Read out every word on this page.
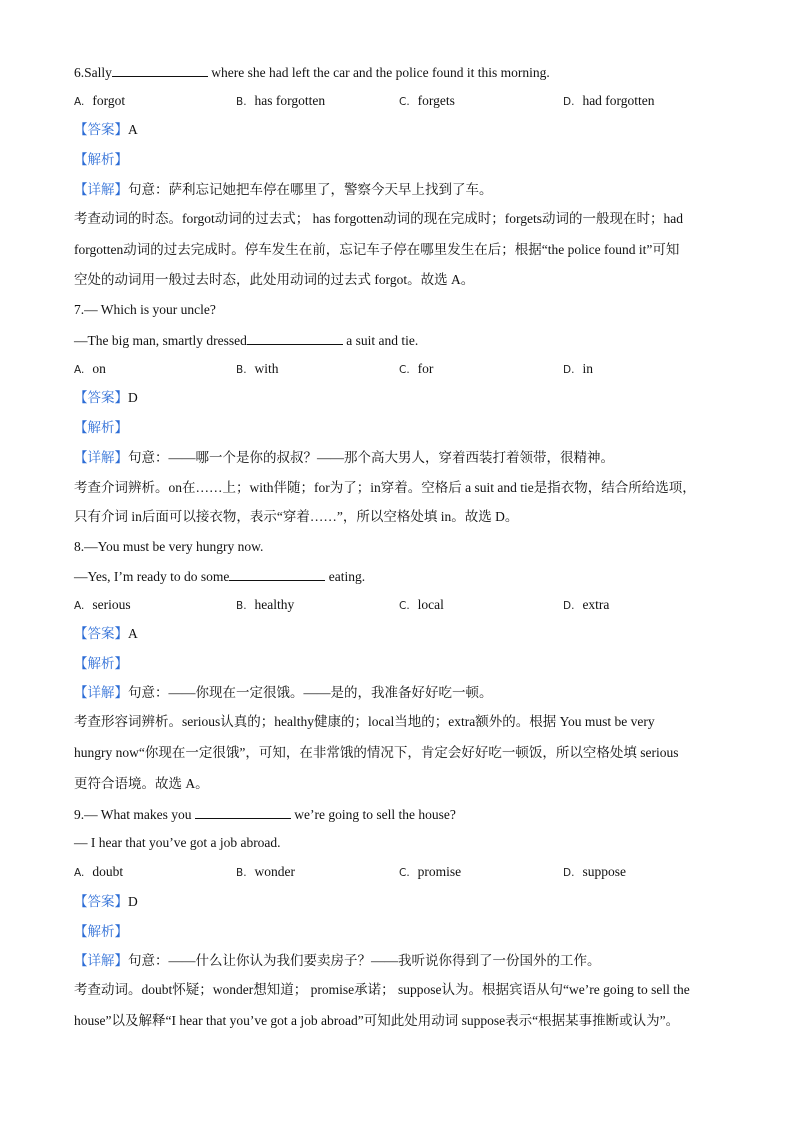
6.Sally	where she had left the car and the police found it this morning.
A. forgot	B. has forgotten	C. forgets	D. had forgotten
【答案】A
【解析】
【详解】句意：萨利忘记她把车停在哪里了，警察今天早上找到了车。
考查动词的时态。forgot动词的过去式； has forgotten动词的现在完成时；forgets动词的一般现在时；had
forgotten动词的过去完成时。停车发生在前，忘记车子停在哪里发生在后；根据“the police found it”可知
空处的动词用一般过去时态，此处用动词的过去式 forgot。故选 A。
7.— Which is your uncle?
—The big man, smartly dressed	a suit and tie.
A. on	B. with	C. for	D. in
【答案】D
【解析】
【详解】句意：——哪一个是你的叔叔？——那个高大男人，穿着西装打着领带，很精神。
考查介词辨析。on在……上；with伴随；for为了；in穿着。空格后 a suit and tie是指衣物，结合所给选项，
只有介词 in后面可以接衣物，表示“穿着……”，所以空格处填 in。故选 D。
8.—You must be very hungry now.
—Yes, I’m ready to do some	eating.
A. serious	B. healthy	C. local	D. extra
【答案】A
【解析】
【详解】句意：——你现在一定很饿。——是的，我准备好好吃一顿。
考查形容词辨析。serious认真的；healthy健康的；local当地的；extra额外的。根据 You must be very
hungry now“你现在一定很饿”，可知，在非常饿的情况下，肯定会好好吃一顿饭，所以空格处填 serious
更符合语境。故选 A。
9.— What makes you	we’re going to sell the house?
— I hear that you’ve got a job abroad.
A. doubt	B. wonder	C. promise	D. suppose
【答案】D
【解析】
【详解】句意：——什么让你认为我们要卖房子？——我听说你得到了一份国外的工作。
考查动词。doubt怀疑；wonder想知道； promise承诺； suppose认为。根据宾语从句“we’re going to sell the
house”以及解释“I hear that you’ve got a job abroad”可知此处用动词 suppose表示“根据某事推断或认为”。
